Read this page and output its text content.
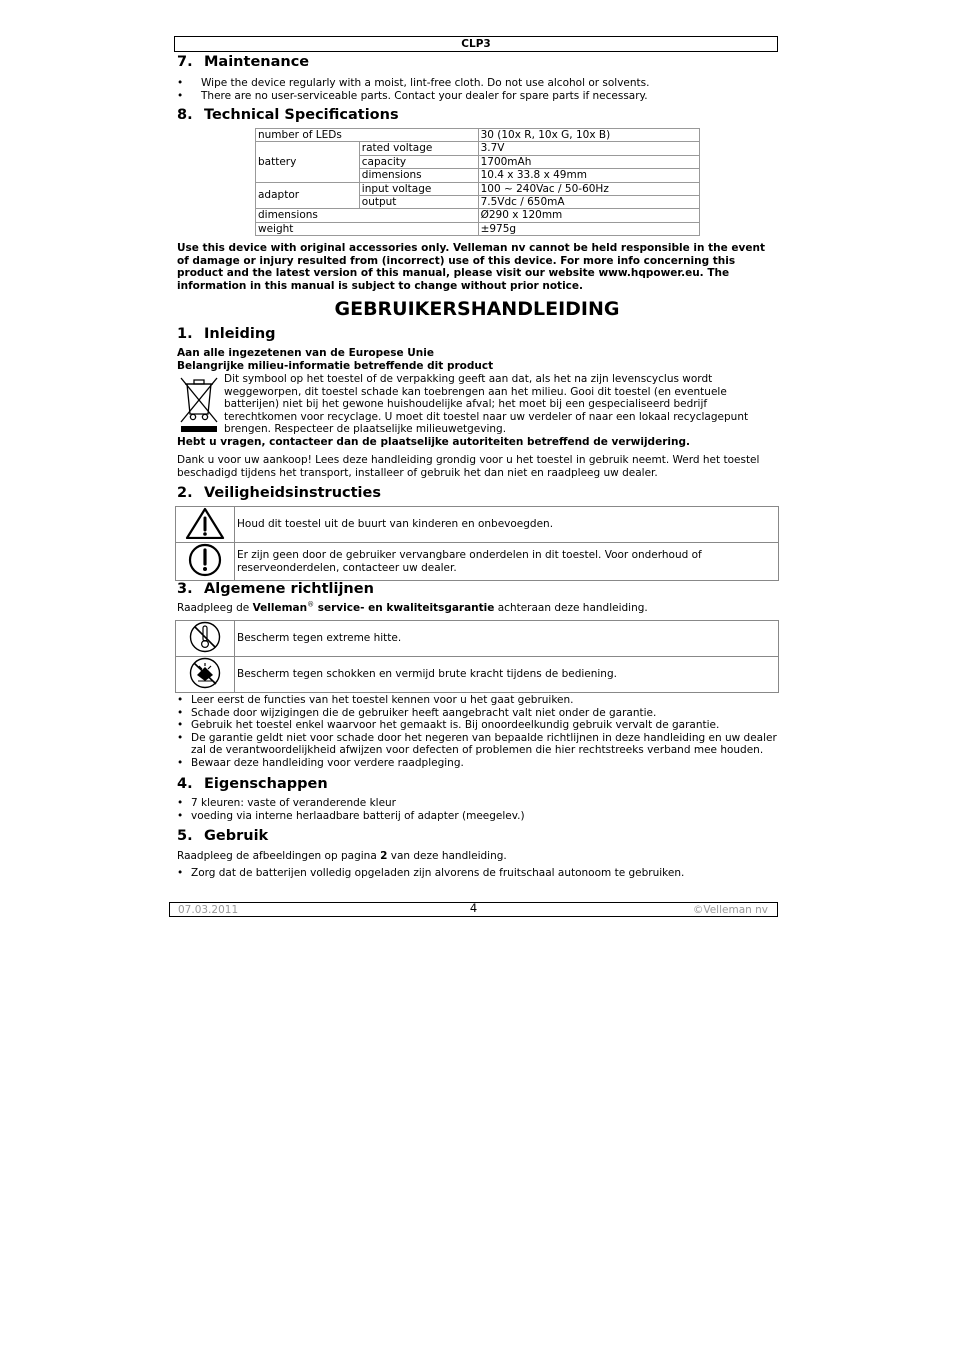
CLP3
7. Maintenance
• Wipe the device regularly with a moist, lint-free cloth. Do not use alcohol or solvents.
• There are no user-serviceable parts. Contact your dealer for spare parts if necessary.
8. Technical Specifications
number of LEDs		30 (10x R, 10x G, 10x B)
battery	rated voltage	3.7V
	capacity	1700mAh
	dimensions	10.4 x 33.8 x 49mm
adaptor	input voltage	100 ~ 240Vac / 50-60Hz
	output	7.5Vdc / 650mA
dimensions		Ø290 x 120mm
weight		±975g
Use this device with original accessories only. Velleman nv cannot be held responsible in the event of damage or injury resulted from (incorrect) use of this device. For more info concerning this product and the latest version of this manual, please visit our website www.hqpower.eu. The information in this manual is subject to change without prior notice.
GEBRUIKERSHANDLEIDING
1. Inleiding
Aan alle ingezetenen van de Europese Unie
Belangrijke milieu-informatie betreffende dit product
Dit symbool op het toestel of de verpakking geeft aan dat, als het na zijn levenscyclus wordt weggeworpen, dit toestel schade kan toebrengen aan het milieu. Gooi dit toestel (en eventuele batterijen) niet bij het gewone huishoudelijke afval; het moet bij een gespecialiseerd bedrijf terechtkomen voor recyclage. U moet dit toestel naar uw verdeler of naar een lokaal recyclagepunt brengen. Respecteer de plaatselijke milieuwetgeving.
Hebt u vragen, contacteer dan de plaatselijke autoriteiten betreffend de verwijdering.
Dank u voor uw aankoop! Lees deze handleiding grondig voor u het toestel in gebruik neemt. Werd het toestel beschadigd tijdens het transport, installeer of gebruik het dan niet en raadpleeg uw dealer.
2. Veiligheidsinstructies
	Houd dit toestel uit de buurt van kinderen en onbevoegden.
	Er zijn geen door de gebruiker vervangbare onderdelen in dit toestel. Voor onderhoud of reserveonderdelen, contacteer uw dealer.
3. Algemene richtlijnen
Raadpleeg de Velleman® service- en kwaliteitsgarantie achteraan deze handleiding.
	Bescherm tegen extreme hitte.
	Bescherm tegen schokken en vermijd brute kracht tijdens de bediening.
• Leer eerst de functies van het toestel kennen voor u het gaat gebruiken.
• Schade door wijzigingen die de gebruiker heeft aangebracht valt niet onder de garantie.
• Gebruik het toestel enkel waarvoor het gemaakt is. Bij onoordeelkundig gebruik vervalt de garantie.
• De garantie geldt niet voor schade door het negeren van bepaalde richtlijnen in deze handleiding en uw dealer zal de verantwoordelijkheid afwijzen voor defecten of problemen die hier rechtstreeks verband mee houden.
• Bewaar deze handleiding voor verdere raadpleging.
4. Eigenschappen
• 7 kleuren: vaste of veranderende kleur
• voeding via interne herlaadbare batterij of adapter (meegelev.)
5. Gebruik
Raadpleeg de afbeeldingen op pagina 2 van deze handleiding.
• Zorg dat de batterijen volledig opgeladen zijn alvorens de fruitschaal autonoom te gebruiken.
07.03.2011	4	©Velleman nv
